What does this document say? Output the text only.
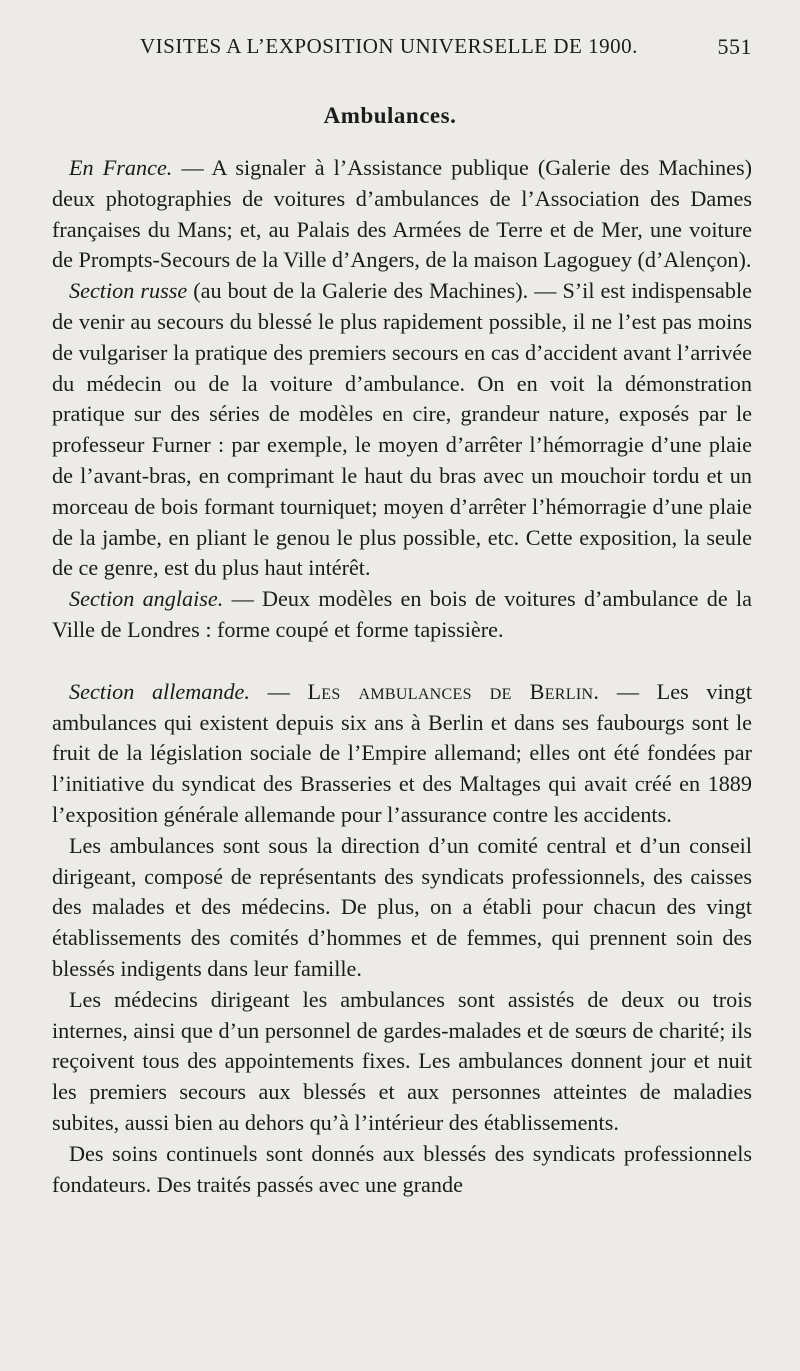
VISITES A L’EXPOSITION UNIVERSELLE DE 1900.	551
Ambulances.

En France. — A signaler à l’Assistance publique (Galerie des Machines) deux photographies de voitures d’ambulances de l’Association des Dames françaises du Mans; et, au Palais des Armées de Terre et de Mer, une voiture de Prompts-Secours de la Ville d’Angers, de la maison Lagoguey (d’Alençon).

Section russe (au bout de la Galerie des Machines). — S’il est indispensable de venir au secours du blessé le plus rapidement possible, il ne l’est pas moins de vulgariser la pratique des premiers secours en cas d’accident avant l’arrivée du médecin ou de la voiture d’ambulance. On en voit la démonstration pratique sur des séries de modèles en cire, grandeur nature, exposés par le professeur Furner : par exemple, le moyen d’arrêter l’hémorragie d’une plaie de l’avant-bras, en comprimant le haut du bras avec un mouchoir tordu et un morceau de bois formant tourniquet; moyen d’arrêter l’hémorragie d’une plaie de la jambe, en pliant le genou le plus possible, etc. Cette exposition, la seule de ce genre, est du plus haut intérêt.

Section anglaise. — Deux modèles en bois de voitures d’ambulance de la Ville de Londres : forme coupé et forme tapissière.

Section allemande. — Les ambulances de Berlin. — Les vingt ambulances qui existent depuis six ans à Berlin et dans ses faubourgs sont le fruit de la législation sociale de l’Empire allemand; elles ont été fondées par l’initiative du syndicat des Brasseries et des Maltages qui avait créé en 1889 l’exposition générale allemande pour l’assurance contre les accidents.

Les ambulances sont sous la direction d’un comité central et d’un conseil dirigeant, composé de représentants des syndicats professionnels, des caisses des malades et des médecins. De plus, on a établi pour chacun des vingt établissements des comités d’hommes et de femmes, qui prennent soin des blessés indigents dans leur famille.

Les médecins dirigeant les ambulances sont assistés de deux ou trois internes, ainsi que d’un personnel de gardes-malades et de sœurs de charité; ils reçoivent tous des appointements fixes. Les ambulances donnent jour et nuit les premiers secours aux blessés et aux personnes atteintes de maladies subites, aussi bien au dehors qu’à l’intérieur des établissements.

Des soins continuels sont donnés aux blessés des syndicats professionnels fondateurs. Des traités passés avec une grande
